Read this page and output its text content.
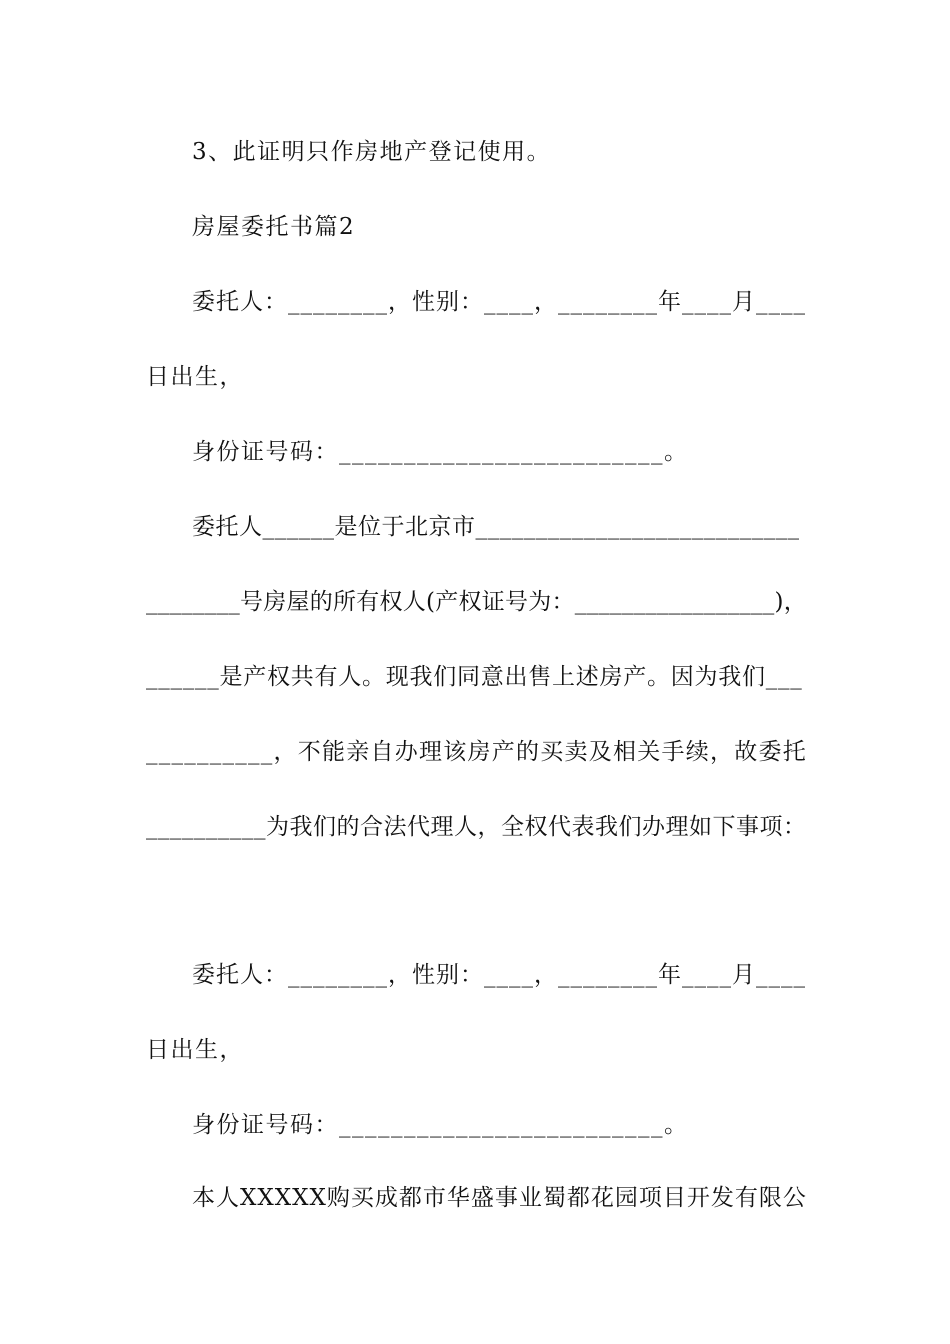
3、此证明只作房地产登记使用。
房屋委托书篇2
委托人：________，性别：____，________年____月____
日出生，
身份证号码：_________________________。
委托人______是位于北京市___________________________
________号房屋的所有权人(产权证号为：_________________)，
______是产权共有人。现我们同意出售上述房产。因为我们___
__________，不能亲自办理该房产的买卖及相关手续，故委托
__________为我们的合法代理人，全权代表我们办理如下事项：
委托人：________，性别：____，________年____月____
日出生，
身份证号码：_________________________。
本人XXXXX购买成都市华盛事业蜀都花园项目开发有限公
